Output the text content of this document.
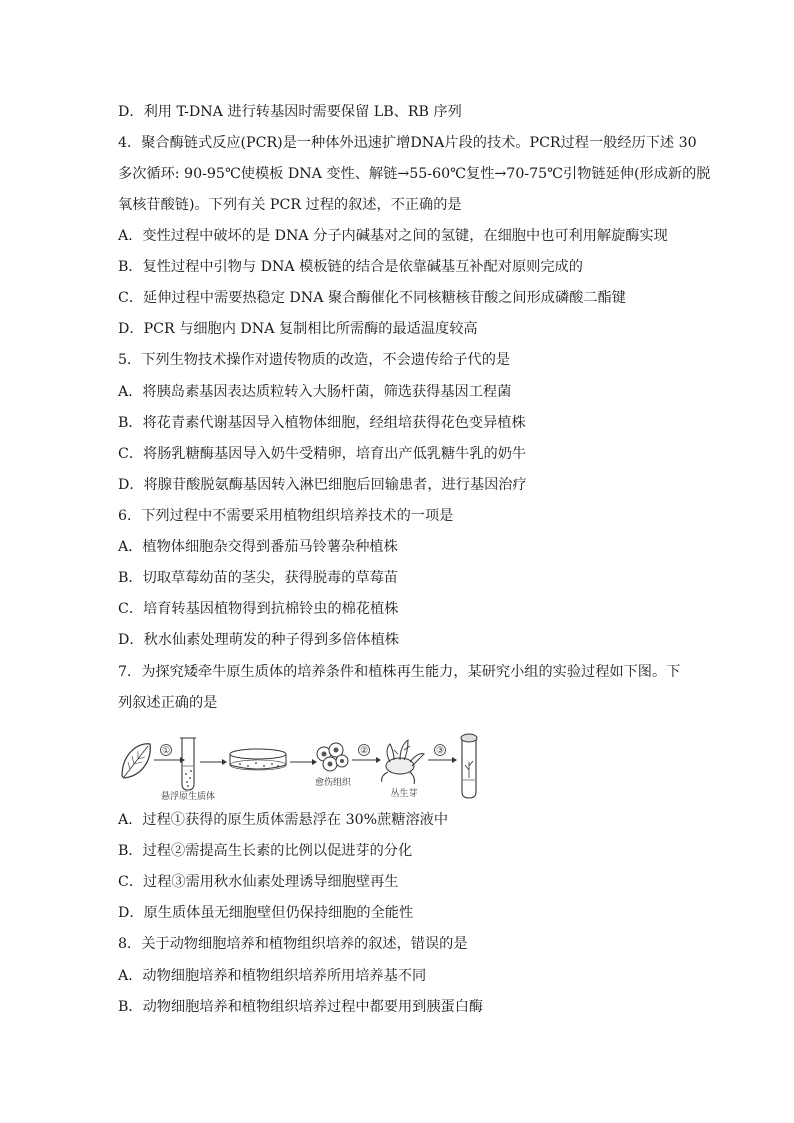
D．利用 T-DNA 进行转基因时需要保留 LB、RB 序列
4．聚合酶链式反应(PCR)是一种体外迅速扩增DNA片段的技术。PCR过程一般经历下述 30
多次循环: 90-95℃使模板 DNA 变性、解链→55-60℃复性→70-75℃引物链延伸(形成新的脱
氧核苷酸链)。下列有关 PCR 过程的叙述，不正确的是
A．变性过程中破坏的是 DNA 分子内碱基对之间的氢键，在细胞中也可利用解旋酶实现
B．复性过程中引物与 DNA 模板链的结合是依靠碱基互补配对原则完成的
C．延伸过程中需要热稳定 DNA 聚合酶催化不同核糖核苷酸之间形成磷酸二酯键
D．PCR 与细胞内 DNA 复制相比所需酶的最适温度较高
5．下列生物技术操作对遗传物质的改造，不会遗传给子代的是
A．将胰岛素基因表达质粒转入大肠杆菌，筛选获得基因工程菌
B．将花青素代谢基因导入植物体细胞，经组培获得花色变异植株
C．将肠乳糖酶基因导入奶牛受精卵，培育出产低乳糖牛乳的奶牛
D．将腺苷酸脱氨酶基因转入淋巴细胞后回输患者，进行基因治疗
6．下列过程中不需要采用植物组织培养技术的一项是
A．植物体细胞杂交得到番茄马铃薯杂种植株
B．切取草莓幼苗的茎尖，获得脱毒的草莓苗
C．培育转基因植物得到抗棉铃虫的棉花植株
D．秋水仙素处理萌发的种子得到多倍体植株
7．为探究矮牵牛原生质体的培养条件和植株再生能力，某研究小组的实验过程如下图。下
列叙述正确的是
①
悬浮原生质体
愈伤组织
②
丛生芽
③
A．过程①获得的原生质体需悬浮在 30%蔗糖溶液中
B．过程②需提高生长素的比例以促进芽的分化
C．过程③需用秋水仙素处理诱导细胞壁再生
D．原生质体虽无细胞壁但仍保持细胞的全能性
8．关于动物细胞培养和植物组织培养的叙述，错误的是
A．动物细胞培养和植物组织培养所用培养基不同
B．动物细胞培养和植物组织培养过程中都要用到胰蛋白酶
